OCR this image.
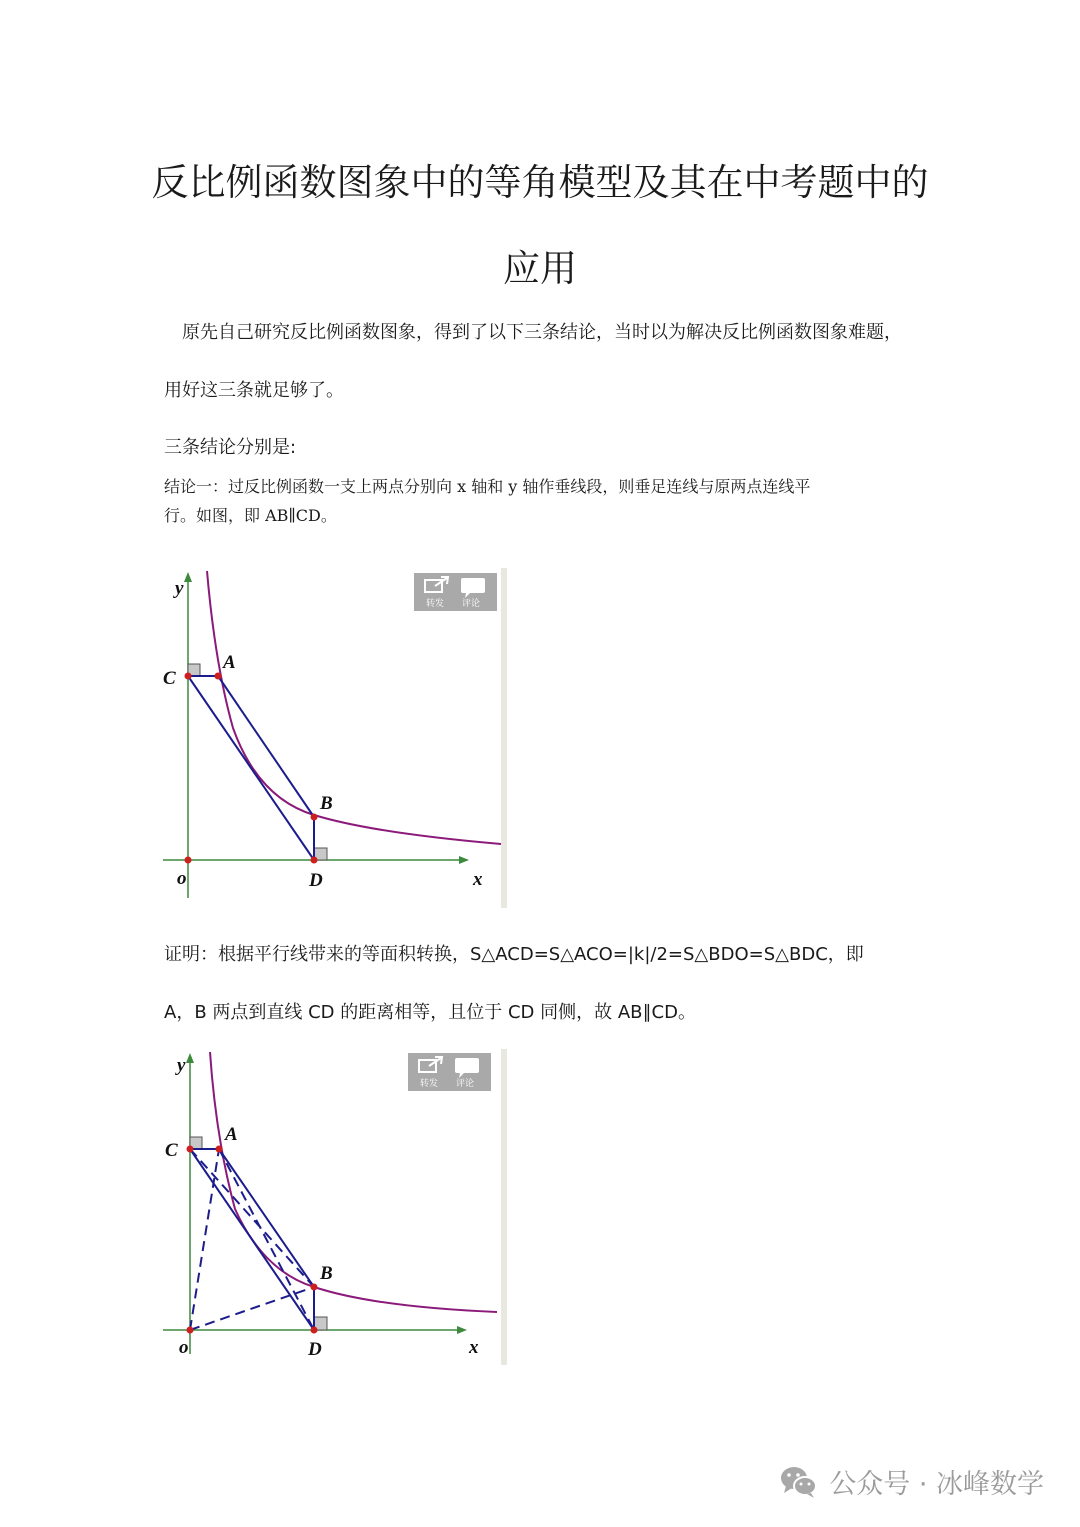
反比例函数图象中的等角模型及其在中考题中的
应用

原先自己研究反比例函数图象，得到了以下三条结论，当时以为解决反比例函数图象难题，

用好这三条就足够了。

三条结论分别是:

结论一：过反比例函数一支上两点分别向 x 轴和 y 轴作垂线段，则垂足连线与原两点连线平
行。如图，即 AB∥CD。
y
x
o
A
B
C
D
转发 评论

证明：根据平行线带来的等面积转换，S△ACD=S△ACO=|k|/2=S△BDO=S△BDC，即

A，B 两点到直线 CD 的距离相等，且位于 CD 同侧，故 AB∥CD。

y
x
o
A
B
C
D
转发 评论
公众号 · 冰峰数学
